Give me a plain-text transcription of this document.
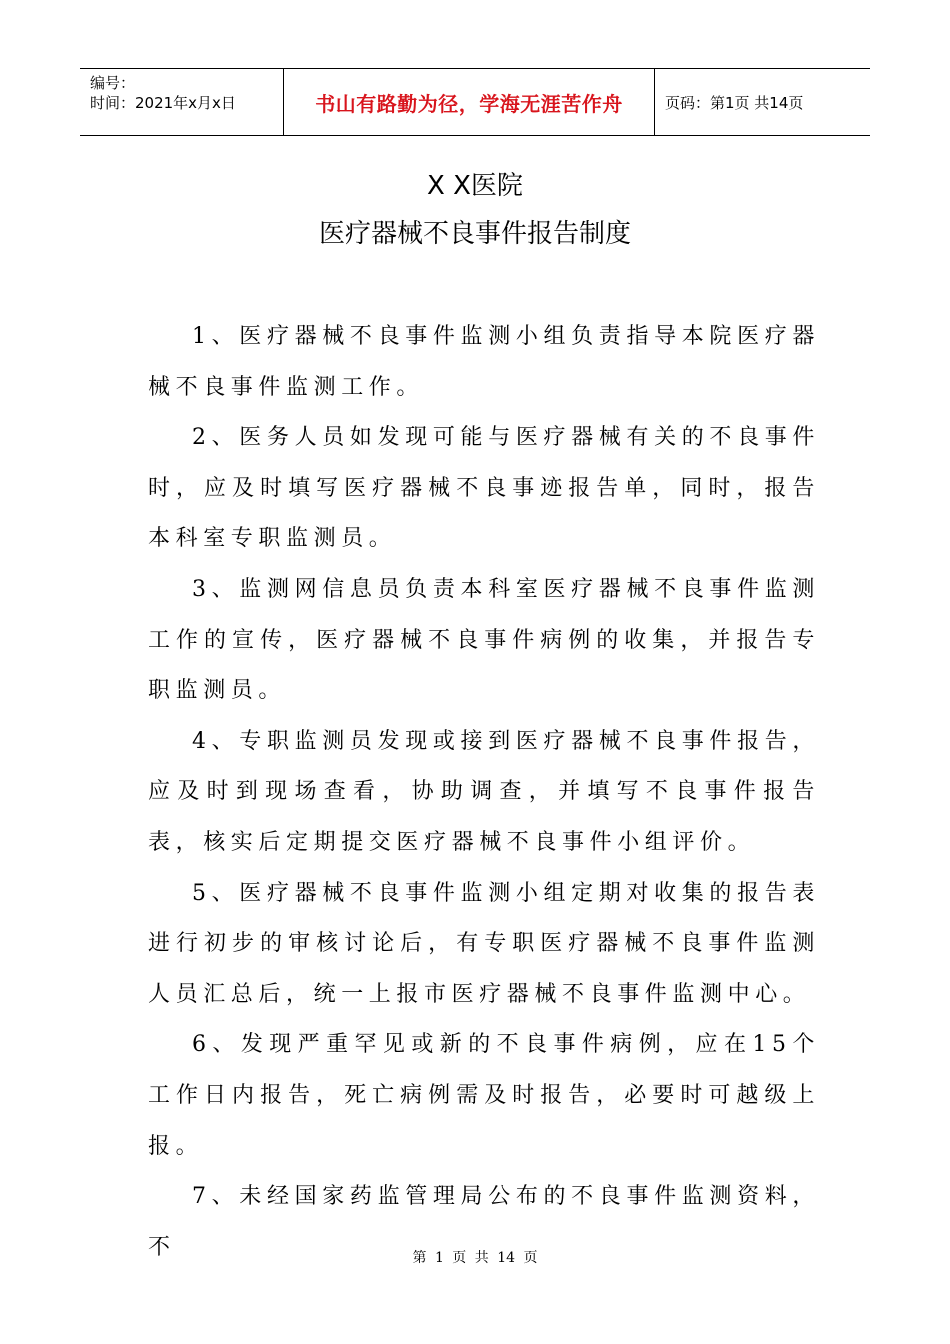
编号：
时间：2021年x月x日	书山有路勤为径，学海无涯苦作舟	页码：第1页 共14页
X X医院
医疗器械不良事件报告制度

1、医疗器械不良事件监测小组负责指导本院医疗器械不良事件监测工作。

2、医务人员如发现可能与医疗器械有关的不良事件时，应及时填写医疗器械不良事迹报告单，同时，报告本科室专职监测员。

3、监测网信息员负责本科室医疗器械不良事件监测工作的宣传，医疗器械不良事件病例的收集，并报告专职监测员。

4、专职监测员发现或接到医疗器械不良事件报告，应及时到现场查看，协助调查，并填写不良事件报告表，核实后定期提交医疗器械不良事件小组评价。

5、医疗器械不良事件监测小组定期对收集的报告表进行初步的审核讨论后，有专职医疗器械不良事件监测人员汇总后，统一上报市医疗器械不良事件监测中心。

6、发现严重罕见或新的不良事件病例，应在15个工作日内报告，死亡病例需及时报告，必要时可越级上报。

7、未经国家药监管理局公布的不良事件监测资料，不	第 1 页 共 14 页
